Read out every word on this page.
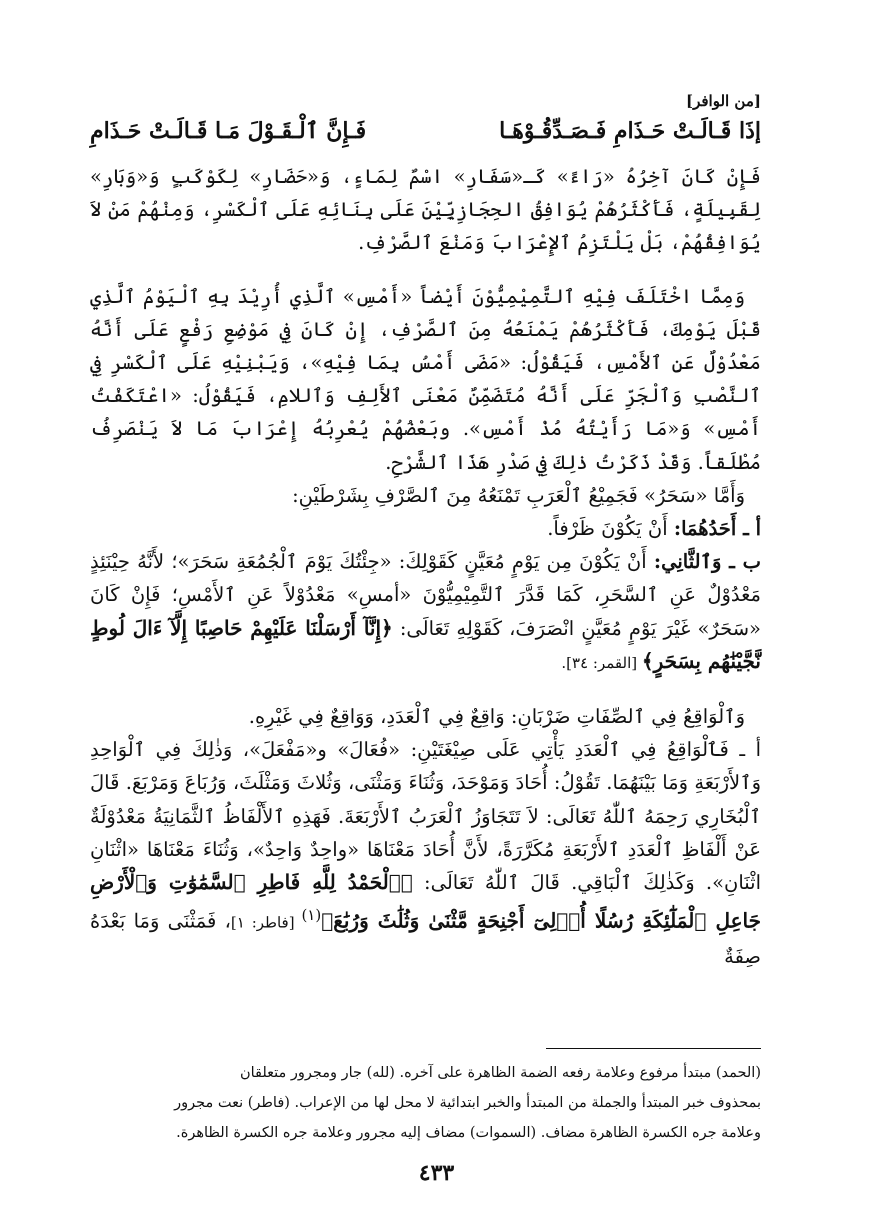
[من الوافر]
إذَا قَـالَـتْ حَـذَامِ فَـصَـدِّقُـوْهَـا
فَـإِنَّ ٱلْـقَـوْلَ مَـا قَـالَـتْ حَـذَامِ

فَإِنْ كَانَ آخِرُهُ «رَاءً» كَـ«سَفَارِ» اسْمٌ لِمَاءٍ، وَ«حَضَارِ» لِكَوْكَبٍ وَ«وَبَارِ» لِقَبِيلَةٍ، فَأَكْثَرُهُمْ يُوَافِقُ الحِجَازِيِّيْنَ عَلَى بِنَائِهِ عَلَى ٱلْكَسْرِ، وَمِنْهُمْ مَنْ لاَ يُوَافِقُهُمْ، بَلْ يَلْتَزِمُ ٱلإِعْرَابَ وَمَنْعَ ٱلصَّرْفِ.

وَمِمَّا اخْتَلَفَ فِيْهِ ٱلتَّمِيْمِيُّوْنَ أَيْضاً «أَمْسِ» ٱلَّذِي أُرِيْدَ بِهِ ٱلْيَوْمُ ٱلَّذِي قَبْلَ يَوْمِكَ، فَأَكْثَرُهُمْ يَمْنَعُهُ مِنَ ٱلصَّرْفِ، إِنْ كَانَ فِي مَوْضِعِ رَفْعٍ عَلَى أَنَّهُ مَعْدُوْلٌ عَنِ ٱلأَمْسِ، فَيَقُوْلُ: «مَضَى أَمْسُ بِمَا فِيْهِ»، وَيَبْنِيْهِ عَلَى ٱلْكَسْرِ فِي ٱلنَّصْبِ وَٱلْجَرِّ عَلَى أَنَّهُ مُتَضَمِّنٌ مَعْنَى ٱلأَلِفِ وَٱللامِ، فَيَقُوْلُ: «اعْتَكَفْتُ أَمْسِ» وَ«مَا رَأَيْتُهُ مُذْ أَمْسِ». وبَعْضُهُمْ يُعْرِبُهُ إِعْرَابَ مَا لاَ يَنْصَرِفُ مُطْلَقاً. وَقَدْ ذَكَرْتُ ذٰلِكَ فِي صَدْرِ هَذَا ٱلشَّرْحِ.

وَأَمَّا «سَحَرُ» فَجَمِيْعُ ٱلْعَرَبِ تَمْنَعُهُ مِنَ ٱلصَّرْفِ بِشَرْطَيْنِ:

أ ـ أَحَدُهُمَا: أَنْ يَكُوْنَ ظَرْفاً.

ب ـ وَٱلثَّانِي: أَنْ يَكُوْنَ مِن يَوْمٍ مُعَيَّنٍ كَقَوْلِكَ: «جِئْتُكَ يَوْمَ ٱلْجُمُعَةِ سَحَرَ»؛ لأَنَّهُ حِيْنَئِذٍ مَعْدُوْلٌ عَنِ ٱلسَّحَرِ، كَمَا قَدَّرَ ٱلتَّمِيْمِيُّوْنَ «أمسِ» مَعْدُوْلاً عَنِ ٱلأَمْسِ؛ فَإِنْ كَانَ «سَحَرٌ» غَيْرَ يَوْمٍ مُعَيَّنٍ انْصَرَفَ، كَقَوْلِهِ تَعَالَى: ﴿إِنَّآ أَرْسَلْنَا عَلَيْهِمْ حَاصِبًا إِلَّآ ءَالَ لُوطٍ نَّجَّيْنَٰهُم بِسَحَرٍ﴾ [القمر: ٣٤].

وَٱلْوَاقِعُ فِي ٱلصِّفَاتِ ضَرْبَانِ: وَاقِعٌ فِي ٱلْعَدَدِ، وَوَاقِعٌ فِي غَيْرِهِ.

أ ـ فَٱلْوَاقِعُ فِي ٱلْعَدَدِ يَأْتِي عَلَى صِيْغَتَيْنِ: «فُعَالَ» و«مَفْعَلَ»، وَذٰلِكَ فِي ٱلْوَاحِدِ وَٱلأَرْبَعَةِ وَمَا بَيْنَهُمَا. تَقُوْلُ: أُحَادَ وَمَوْحَدَ، وَثُنَاءَ وَمَثْنَى، وَثُلاثَ وَمَثْلَثَ، وَرُبَاعَ وَمَرْبَعَ. قَالَ ٱلْبُخَارِي رَحِمَهُ ٱللّٰهُ تَعَالَى: لاَ تَتَجَاوَزُ ٱلْعَرَبُ ٱلأَرْبَعَةَ. فَهَذِهِ ٱلأَلْفَاظُ ٱلثَّمَانِيَةُ مَعْدُوْلَةٌ عَنْ أَلْفَاظِ ٱلْعَدَدِ ٱلأَرْبَعَةِ مُكَرَّرَةً، لأَنَّ أُحَادَ مَعْنَاهَا «واحِدٌ وَاحِدٌ»، وَثُنَاءَ مَعْنَاهَا «اثْنَانِ اثْنَانِ». وَكَذٰلِكَ ٱلْبَاقِي. قَالَ ٱللّٰهُ تَعَالَى: ﴿ٱلْحَمْدُ لِلَّهِ فَاطِرِ ٱلسَّمَٰوَٰتِ وَٱلْأَرْضِ جَاعِلِ ٱلْمَلَٰٓئِكَةِ رُسُلًا أُو۟لِىٓ أَجْنِحَةٍ مَّثْنَىٰ وَثُلَٰثَ وَرُبَٰعَ﴾$^{(١)}$ [فاطر: ١]، فَمَثْنَى وَمَا بَعْدَهُ صِفَةٌ

(الحمد) مبتدأ مرفوع وعلامة رفعه الضمة الظاهرة على آخره. (لله) جار ومجرور متعلقان

بمحذوف خبر المبتدأ والجملة من المبتدأ والخبر ابتدائية لا محل لها من الإعراب. (فاطر) نعت مجرور

وعلامة جره الكسرة الظاهرة مضاف. (السموات) مضاف إليه مجرور وعلامة جره الكسرة الظاهرة.

٤٣٣
